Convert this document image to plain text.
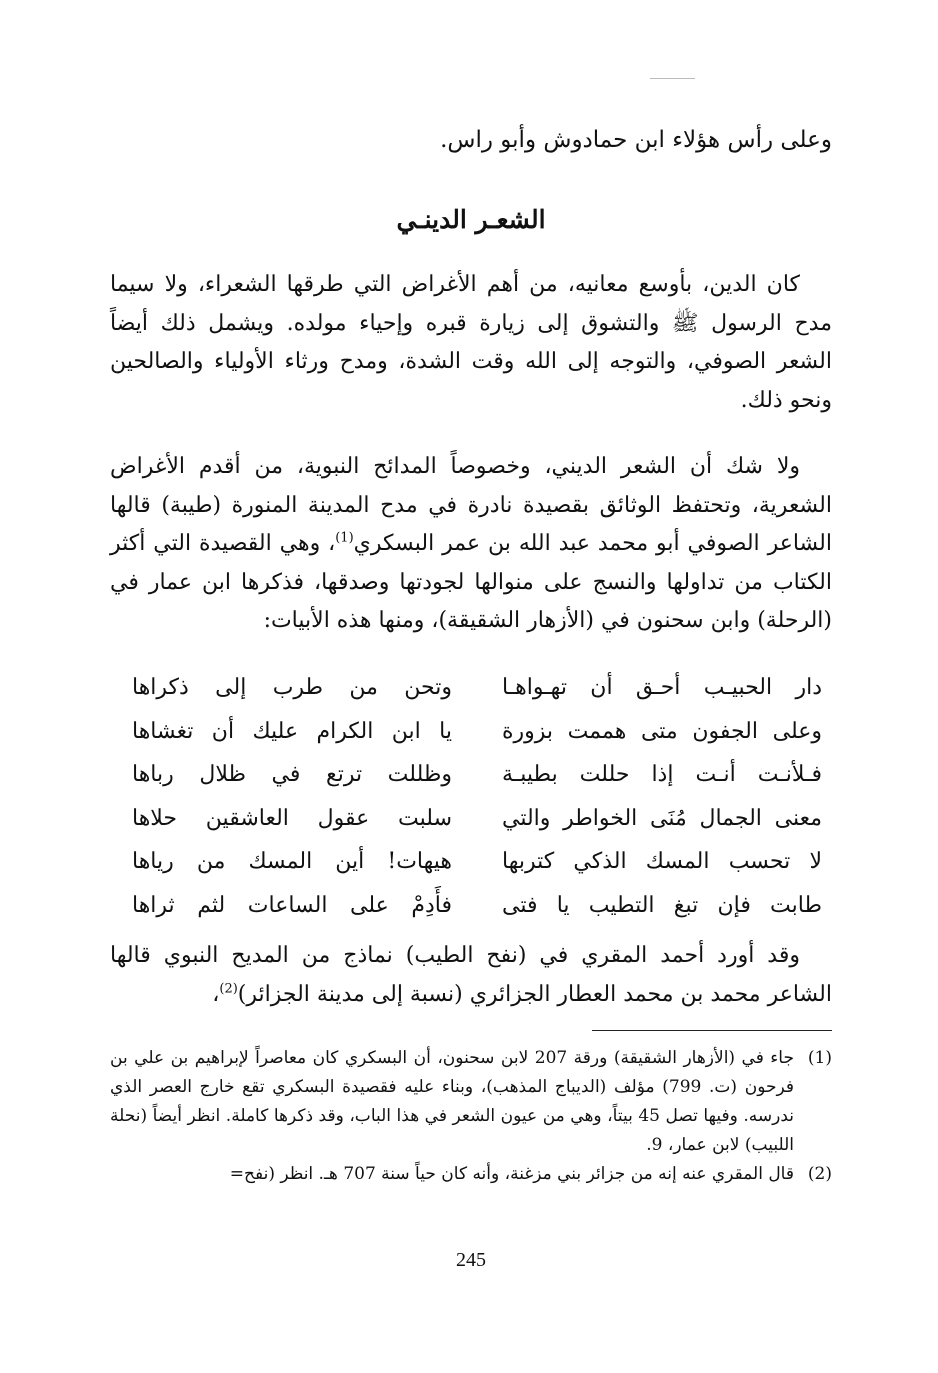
وعلى رأس هؤلاء ابن حمادوش وأبو راس.
الشعـر الدينـي

كان الدين، بأوسع معانيه، من أهم الأغراض التي طرقها الشعراء، ولا سيما مدح الرسول ﷺ والتشوق إلى زيارة قبره وإحياء مولده. ويشمل ذلك أيضاً الشعر الصوفي، والتوجه إلى الله وقت الشدة، ومدح ورثاء الأولياء والصالحين ونحو ذلك.

ولا شك أن الشعر الديني، وخصوصاً المدائح النبوية، من أقدم الأغراض الشعرية، وتحتفظ الوثائق بقصيدة نادرة في مدح المدينة المنورة (طيبة) قالها الشاعر الصوفي أبو محمد عبد الله بن عمر البسكري$^{(1)}$، وهي القصيدة التي أكثر الكتاب من تداولها والنسج على منوالها لجودتها وصدقها، فذكرها ابن عمار في (الرحلة) وابن سحنون في (الأزهار الشقيقة)، ومنها هذه الأبيات:

دار الحبيـب أحـق أن تهـواهـا
وتحن من طرب إلى ذكراها
وعلى الجفون متى هممت بزورة
يا ابن الكرام عليك أن تغشاها
فـلأنـت أنـت إذا حللت بطيبـة
وظللت ترتع في ظلال رباها
معنى الجمال مُنَى الخواطر والتي
سلبت عقول العاشقين حلاها
لا تحسب المسك الذكي كتربها
هيهات! أين المسك من رياها
طابت فإن تبغ التطيب يا فتى
فأَدِمْ على الساعات لثم ثراها

وقد أورد أحمد المقري في (نفح الطيب) نماذج من المديح النبوي قالها الشاعر محمد بن محمد العطار الجزائري (نسبة إلى مدينة الجزائر)$^{(2)}$،

(1)
جاء في (الأزهار الشقيقة) ورقة 207 لابن سحنون، أن البسكري كان معاصراً لإبراهيم بن علي بن فرحون (ت. 799) مؤلف (الديباج المذهب)، وبناء عليه فقصيدة البسكري تقع خارج العصر الذي ندرسه. وفيها تصل 45 بيتاً، وهي من عيون الشعر في هذا الباب، وقد ذكرها كاملة. انظر أيضاً (نحلة اللبيب) لابن عمار، 9.
(2)
قال المقري عنه إنه من جزائر بني مزغنة، وأنه كان حياً سنة 707 هـ. انظر (نفح=
245
